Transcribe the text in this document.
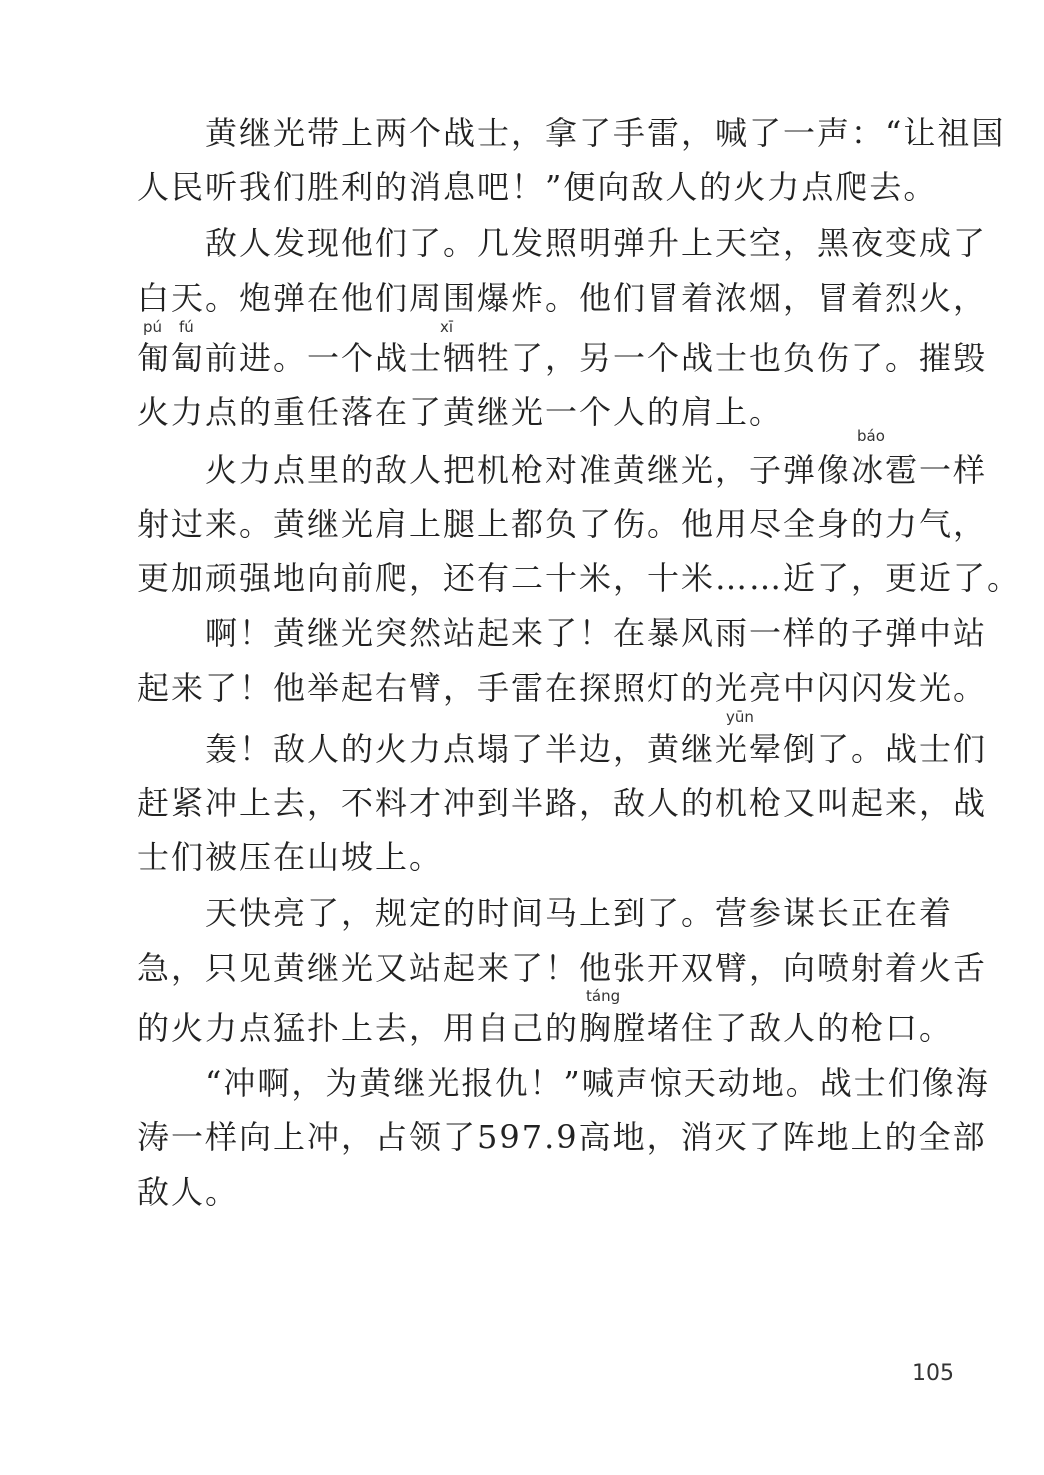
　　黄继光带上两个战士，拿了手雷，喊了一声：“让祖国
人民听我们胜利的消息吧！”便向敌人的火力点爬去。
　　敌人发现他们了。几发照明弹升上天空，黑夜变成了
白天。炮弹在他们周围爆炸。他们冒着浓烟，冒着烈火，
匍匐前进。一个战士牺牲了，另一个战士也负伤了。摧毁
火力点的重任落在了黄继光一个人的肩上。
　　火力点里的敌人把机枪对准黄继光，子弹像冰雹一样
射过来。黄继光肩上腿上都负了伤。他用尽全身的力气，
更加顽强地向前爬，还有二十米，十米……近了，更近了。
　　啊！黄继光突然站起来了！在暴风雨一样的子弹中站
起来了！他举起右臂，手雷在探照灯的光亮中闪闪发光。
　　轰！敌人的火力点塌了半边，黄继光晕倒了。战士们
赶紧冲上去，不料才冲到半路，敌人的机枪又叫起来，战
士们被压在山坡上。
　　天快亮了，规定的时间马上到了。营参谋长正在着
急，只见黄继光又站起来了！他张开双臂，向喷射着火舌
的火力点猛扑上去，用自己的胸膛堵住了敌人的枪口。
　　“冲啊，为黄继光报仇！”喊声惊天动地。战士们像海
涛一样向上冲，占领了597.9高地，消灭了阵地上的全部
敌人。
pú fú	xī
báo
yūn
táng
105
